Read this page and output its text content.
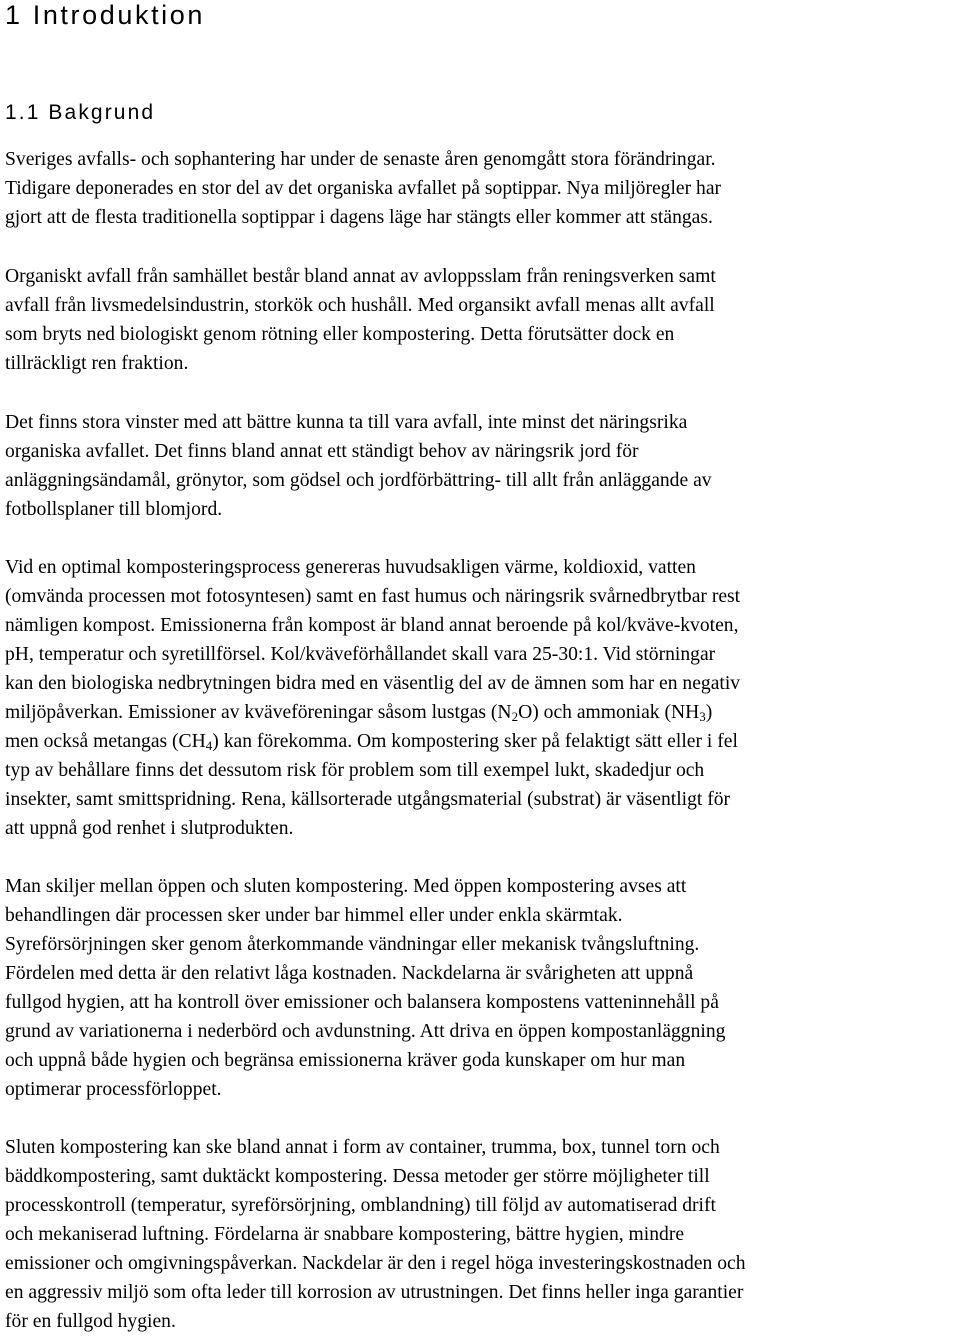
1 Introduktion
1.1 Bakgrund
Sveriges avfalls- och sophantering har under de senaste åren genomgått stora förändringar.
Tidigare deponerades en stor del av det organiska avfallet på soptippar. Nya miljöregler har
gjort att de flesta traditionella soptippar i dagens läge har stängts eller kommer att stängas.
Organiskt avfall från samhället består bland annat av avloppsslam från reningsverken samt
avfall från livsmedelsindustrin, storkök och hushåll. Med organsikt avfall menas allt avfall
som bryts ned biologiskt genom rötning eller kompostering. Detta förutsätter dock en
tillräckligt ren fraktion.
Det finns stora vinster med att bättre kunna ta till vara avfall, inte minst det näringsrika
organiska avfallet. Det finns bland annat ett ständigt behov av näringsrik jord för
anläggningsändamål, grönytor, som gödsel och jordförbättring- till allt från anläggande av
fotbollsplaner till blomjord.
Vid en optimal komposteringsprocess genereras huvudsakligen värme, koldioxid, vatten
(omvända processen mot fotosyntesen) samt en fast humus och näringsrik svårnedbrytbar rest
nämligen kompost. Emissionerna från kompost är bland annat beroende på kol/kväve-kvoten,
pH, temperatur och syretillförsel. Kol/kväveförhållandet skall vara 25-30:1. Vid störningar
kan den biologiska nedbrytningen bidra med en väsentlig del av de ämnen som har en negativ
miljöpåverkan. Emissioner av kväveföreningar såsom lustgas $(N_2O)$ och ammoniak $(NH_3)$
men också metangas $(CH_4)$ kan förekomma. Om kompostering sker på felaktigt sätt eller i fel
typ av behållare finns det dessutom risk för problem som till exempel lukt, skadedjur och
insekter, samt smittspridning. Rena, källsorterade utgångsmaterial (substrat) är väsentligt för
att uppnå god renhet i slutprodukten.
Man skiljer mellan öppen och sluten kompostering. Med öppen kompostering avses att
behandlingen där processen sker under bar himmel eller under enkla skärmtak.
Syreförsörjningen sker genom återkommande vändningar eller mekanisk tvångsluftning.
Fördelen med detta är den relativt låga kostnaden. Nackdelarna är svårigheten att uppnå
fullgod hygien, att ha kontroll över emissioner och balansera kompostens vatteninnehåll på
grund av variationerna i nederbörd och avdunstning. Att driva en öppen kompostanläggning
och uppnå både hygien och begränsa emissionerna kräver goda kunskaper om hur man
optimerar processförloppet.
Sluten kompostering kan ske bland annat i form av container, trumma, box, tunnel torn och
bäddkompostering, samt duktäckt kompostering. Dessa metoder ger större möjligheter till
processkontroll (temperatur, syreförsörjning, omblandning) till följd av automatiserad drift
och mekaniserad luftning. Fördelarna är snabbare kompostering, bättre hygien, mindre
emissioner och omgivningspåverkan. Nackdelar är den i regel höga investeringskostnaden och
en aggressiv miljö som ofta leder till korrosion av utrustningen. Det finns heller inga garantier
för en fullgod hygien.
